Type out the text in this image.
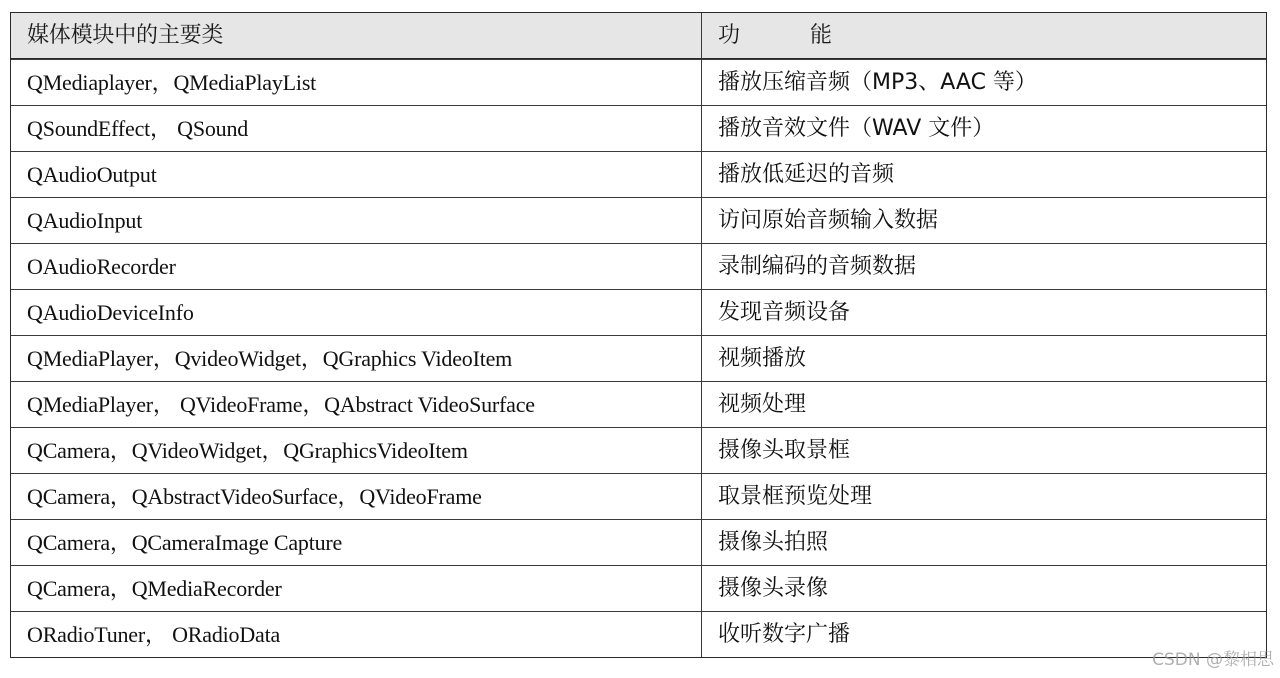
媒体模块中的主要类	功　能
QMediaplayer，QMediaPlayList	播放压缩音频（MP3、AAC 等）
QSoundEffect， QSound	播放音效文件（WAV 文件）
QAudioOutput	播放低延迟的音频
QAudioInput	访问原始音频输入数据
OAudioRecorder	录制编码的音频数据
QAudioDeviceInfo	发现音频设备
QMediaPlayer，QvideoWidget，QGraphics VideoItem	视频播放
QMediaPlayer， QVideoFrame，QAbstract VideoSurface	视频处理
QCamera，QVideoWidget，QGraphicsVideoItem	摄像头取景框
QCamera，QAbstractVideoSurface，QVideoFrame	取景框预览处理
QCamera，QCameraImage Capture	摄像头拍照
QCamera，QMediaRecorder	摄像头录像
ORadioTuner， ORadioData	收听数字广播
CSDN @黎相思
